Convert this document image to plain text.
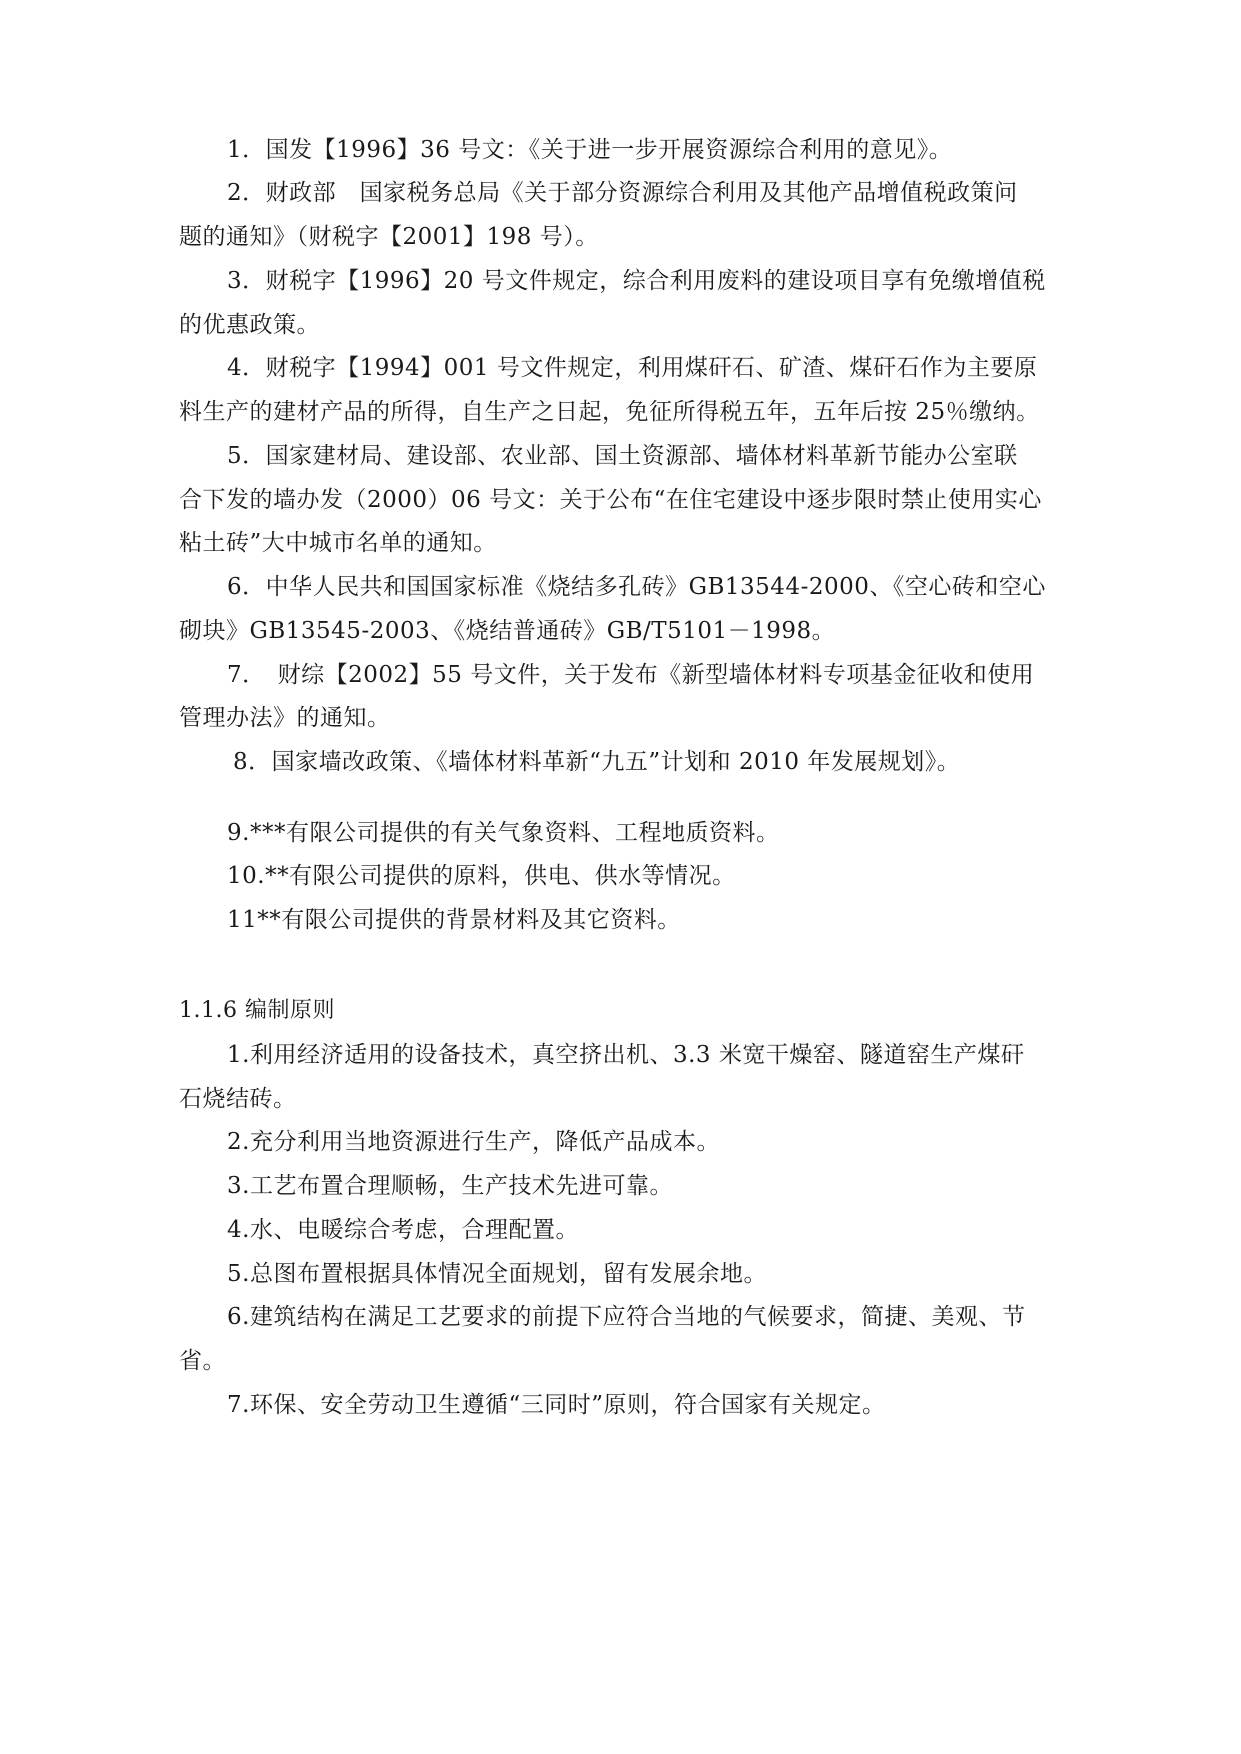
1．国发【1996】36 号文：《关于进一步开展资源综合利用的意见》。
2．财政部　国家税务总局《关于部分资源综合利用及其他产品增值税政策问
题的通知》（财税字【2001】198 号）。
3．财税字【1996】20 号文件规定，综合利用废料的建设项目享有免缴增值税
的优惠政策。
4．财税字【1994】001 号文件规定，利用煤矸石、矿渣、煤矸石作为主要原
料生产的建材产品的所得，自生产之日起，免征所得税五年，五年后按 25％缴纳。
5．国家建材局、建设部、农业部、国土资源部、墙体材料革新节能办公室联
合下发的墙办发（2000）06 号文：关于公布“在住宅建设中逐步限时禁止使用实心
粘土砖”大中城市名单的通知。
6．中华人民共和国国家标准《烧结多孔砖》GB13544-2000、《空心砖和空心
砌块》GB13545-2003、《烧结普通砖》GB/T5101－1998。
7．　财综【2002】55 号文件，关于发布《新型墙体材料专项基金征收和使用
管理办法》的通知。
8．国家墙改政策、《墙体材料革新“九五”计划和 2010 年发展规划》。
9.***有限公司提供的有关气象资料、工程地质资料。
10.**有限公司提供的原料，供电、供水等情况。
11**有限公司提供的背景材料及其它资料。
1.1.6 编制原则
1.利用经济适用的设备技术，真空挤出机、3.3 米宽干燥窑、隧道窑生产煤矸
石烧结砖。
2.充分利用当地资源进行生产，降低产品成本。
3.工艺布置合理顺畅，生产技术先进可靠。
4.水、电暖综合考虑，合理配置。
5.总图布置根据具体情况全面规划，留有发展余地。
6.建筑结构在满足工艺要求的前提下应符合当地的气候要求，简捷、美观、节
省。
7.环保、安全劳动卫生遵循“三同时”原则，符合国家有关规定。
